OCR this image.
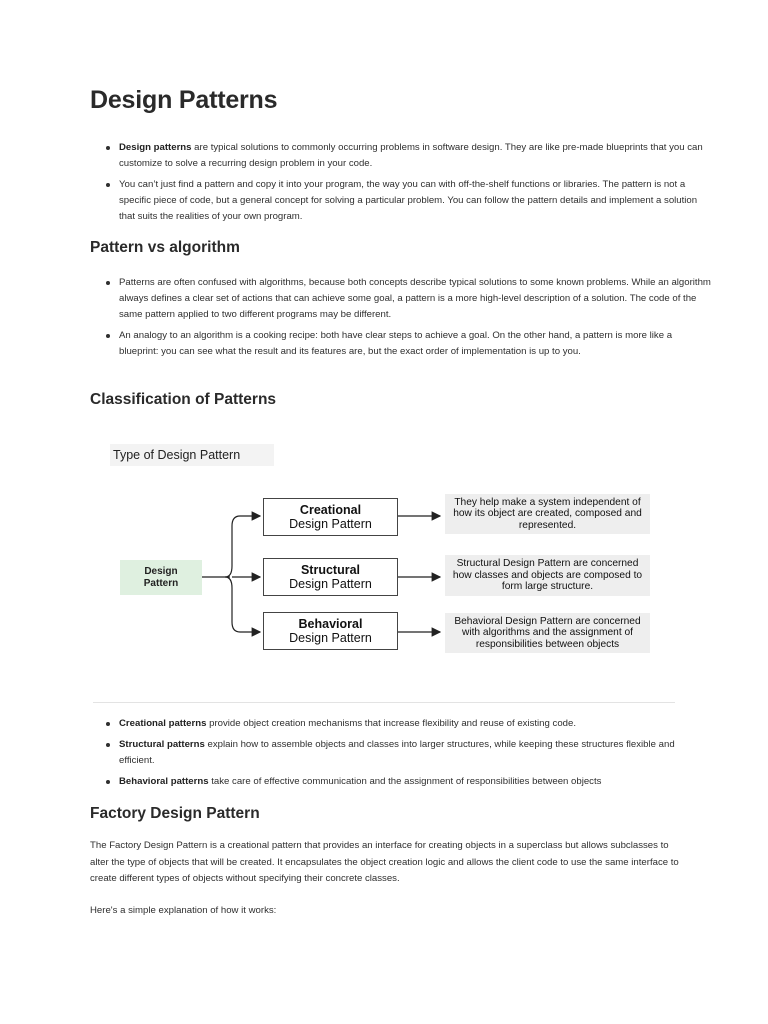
Design Patterns
Design patterns are typical solutions to commonly occurring problems in software design. They are like pre-made blueprints that you can customize to solve a recurring design problem in your code.
You can’t just find a pattern and copy it into your program, the way you can with off-the-shelf functions or libraries. The pattern is not a specific piece of code, but a general concept for solving a particular problem. You can follow the pattern details and implement a solution that suits the realities of your own program.
Pattern vs algorithm
Patterns are often confused with algorithms, because both concepts describe typical solutions to some known problems. While an algorithm always defines a clear set of actions that can achieve some goal, a pattern is a more high-level description of a solution. The code of the same pattern applied to two different programs may be different.
An analogy to an algorithm is a cooking recipe: both have clear steps to achieve a goal. On the other hand, a pattern is more like a blueprint: you can see what the result and its features are, but the exact order of implementation is up to you.
Classification of Patterns
Type of Design Pattern
Design
Pattern
Creational
Design Pattern
Structural
Design Pattern
Behavioral
Design Pattern
They help make a system independent of how its object are created, composed and represented.
Structural Design Pattern are concerned how classes and objects are composed to form large structure.
Behavioral Design Pattern are concerned with algorithms and the assignment of responsibilities between objects
Creational patterns provide object creation mechanisms that increase flexibility and reuse of existing code.
Structural patterns explain how to assemble objects and classes into larger structures, while keeping these structures flexible and efficient.
Behavioral patterns take care of effective communication and the assignment of responsibilities between objects
Factory Design Pattern

The Factory Design Pattern is a creational pattern that provides an interface for creating objects in a superclass but allows subclasses to alter the type of objects that will be created. It encapsulates the object creation logic and allows the client code to use the same interface to create different types of objects without specifying their concrete classes.

Here's a simple explanation of how it works:
